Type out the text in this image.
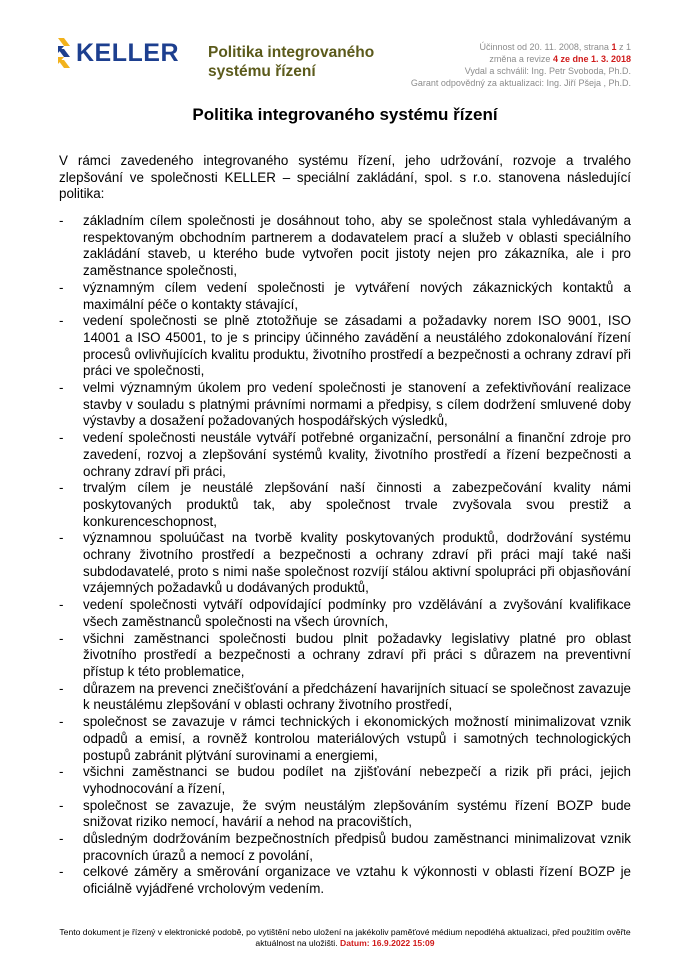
KELLER Politika integrovaného systému řízení
Účinnost od 20. 11. 2008, strana 1 z 1
změna a revize 4 ze dne 1. 3. 2018
Vydal a schválil: Ing. Petr Svoboda, Ph.D.
Garant odpovědný za aktualizaci: Ing. Jiří Pšeja , Ph.D.
Politika integrovaného systému řízení
V rámci zavedeného integrovaného systému řízení, jeho udržování, rozvoje a trvalého zlepšování ve společnosti KELLER – speciální zakládání, spol. s r.o. stanovena následující politika:
- základním cílem společnosti je dosáhnout toho, aby se společnost stala vyhledávaným a respektovaným obchodním partnerem a dodavatelem prací a služeb v oblasti speciálního zakládání staveb, u kterého bude vytvořen pocit jistoty nejen pro zákazníka, ale i pro zaměstnance společnosti,
- významným cílem vedení společnosti je vytváření nových zákaznických kontaktů a maximální péče o kontakty stávající,
- vedení společnosti se plně ztotožňuje se zásadami a požadavky norem ISO 9001, ISO 14001 a ISO 45001, to je s principy účinného zavádění a neustálého zdokonalování řízení procesů ovlivňujících kvalitu produktu, životního prostředí a bezpečnosti a ochrany zdraví při práci ve společnosti,
- velmi významným úkolem pro vedení společnosti je stanovení a zefektivňování realizace stavby v souladu s platnými právními normami a předpisy, s cílem dodržení smluvené doby výstavby a dosažení požadovaných hospodářských výsledků,
- vedení společnosti neustále vytváří potřebné organizační, personální a finanční zdroje pro zavedení, rozvoj a zlepšování systémů kvality, životního prostředí a řízení bezpečnosti a ochrany zdraví při práci,
- trvalým cílem je neustálé zlepšování naší činnosti a zabezpečování kvality námi poskytovaných produktů tak, aby společnost trvale zvyšovala svou prestiž a konkurenceschopnost,
- významnou spoluúčast na tvorbě kvality poskytovaných produktů, dodržování systému ochrany životního prostředí a bezpečnosti a ochrany zdraví při práci mají také naši subdodavatelé, proto s nimi naše společnost rozvíjí stálou aktivní spolupráci při objasňování vzájemných požadavků u dodávaných produktů,
- vedení společnosti vytváří odpovídající podmínky pro vzdělávání a zvyšování kvalifikace všech zaměstnanců společnosti na všech úrovních,
- všichni zaměstnanci společnosti budou plnit požadavky legislativy platné pro oblast životního prostředí a bezpečnosti a ochrany zdraví při práci s důrazem na preventivní přístup k této problematice,
- důrazem na prevenci znečišťování a předcházení havarijních situací se společnost zavazuje k neustálému zlepšování v oblasti ochrany životního prostředí,
- společnost se zavazuje v rámci technických i ekonomických možností minimalizovat vznik odpadů a emisí, a rovněž kontrolou materiálových vstupů i samotných technologických postupů zabránit plýtvání surovinami a energiemi,
- všichni zaměstnanci se budou podílet na zjišťování nebezpečí a rizik při práci, jejich vyhodnocování a řízení,
- společnost se zavazuje, že svým neustálým zlepšováním systému řízení BOZP bude snižovat riziko nemocí, havárií a nehod na pracovištích,
- důsledným dodržováním bezpečnostních předpisů budou zaměstnanci minimalizovat vznik pracovních úrazů a nemocí z povolání,
- celkové záměry a směrování organizace ve vztahu k výkonnosti v oblasti řízení BOZP je oficiálně vyjádřené vrcholovým vedením.
Tento dokument je řízený v elektronické podobě, po vytištění nebo uložení na jakékoliv paměťové médium nepodléhá aktualizaci, před použitím ověřte aktuálnost na uložišti. Datum: 16.9.2022 15:09
